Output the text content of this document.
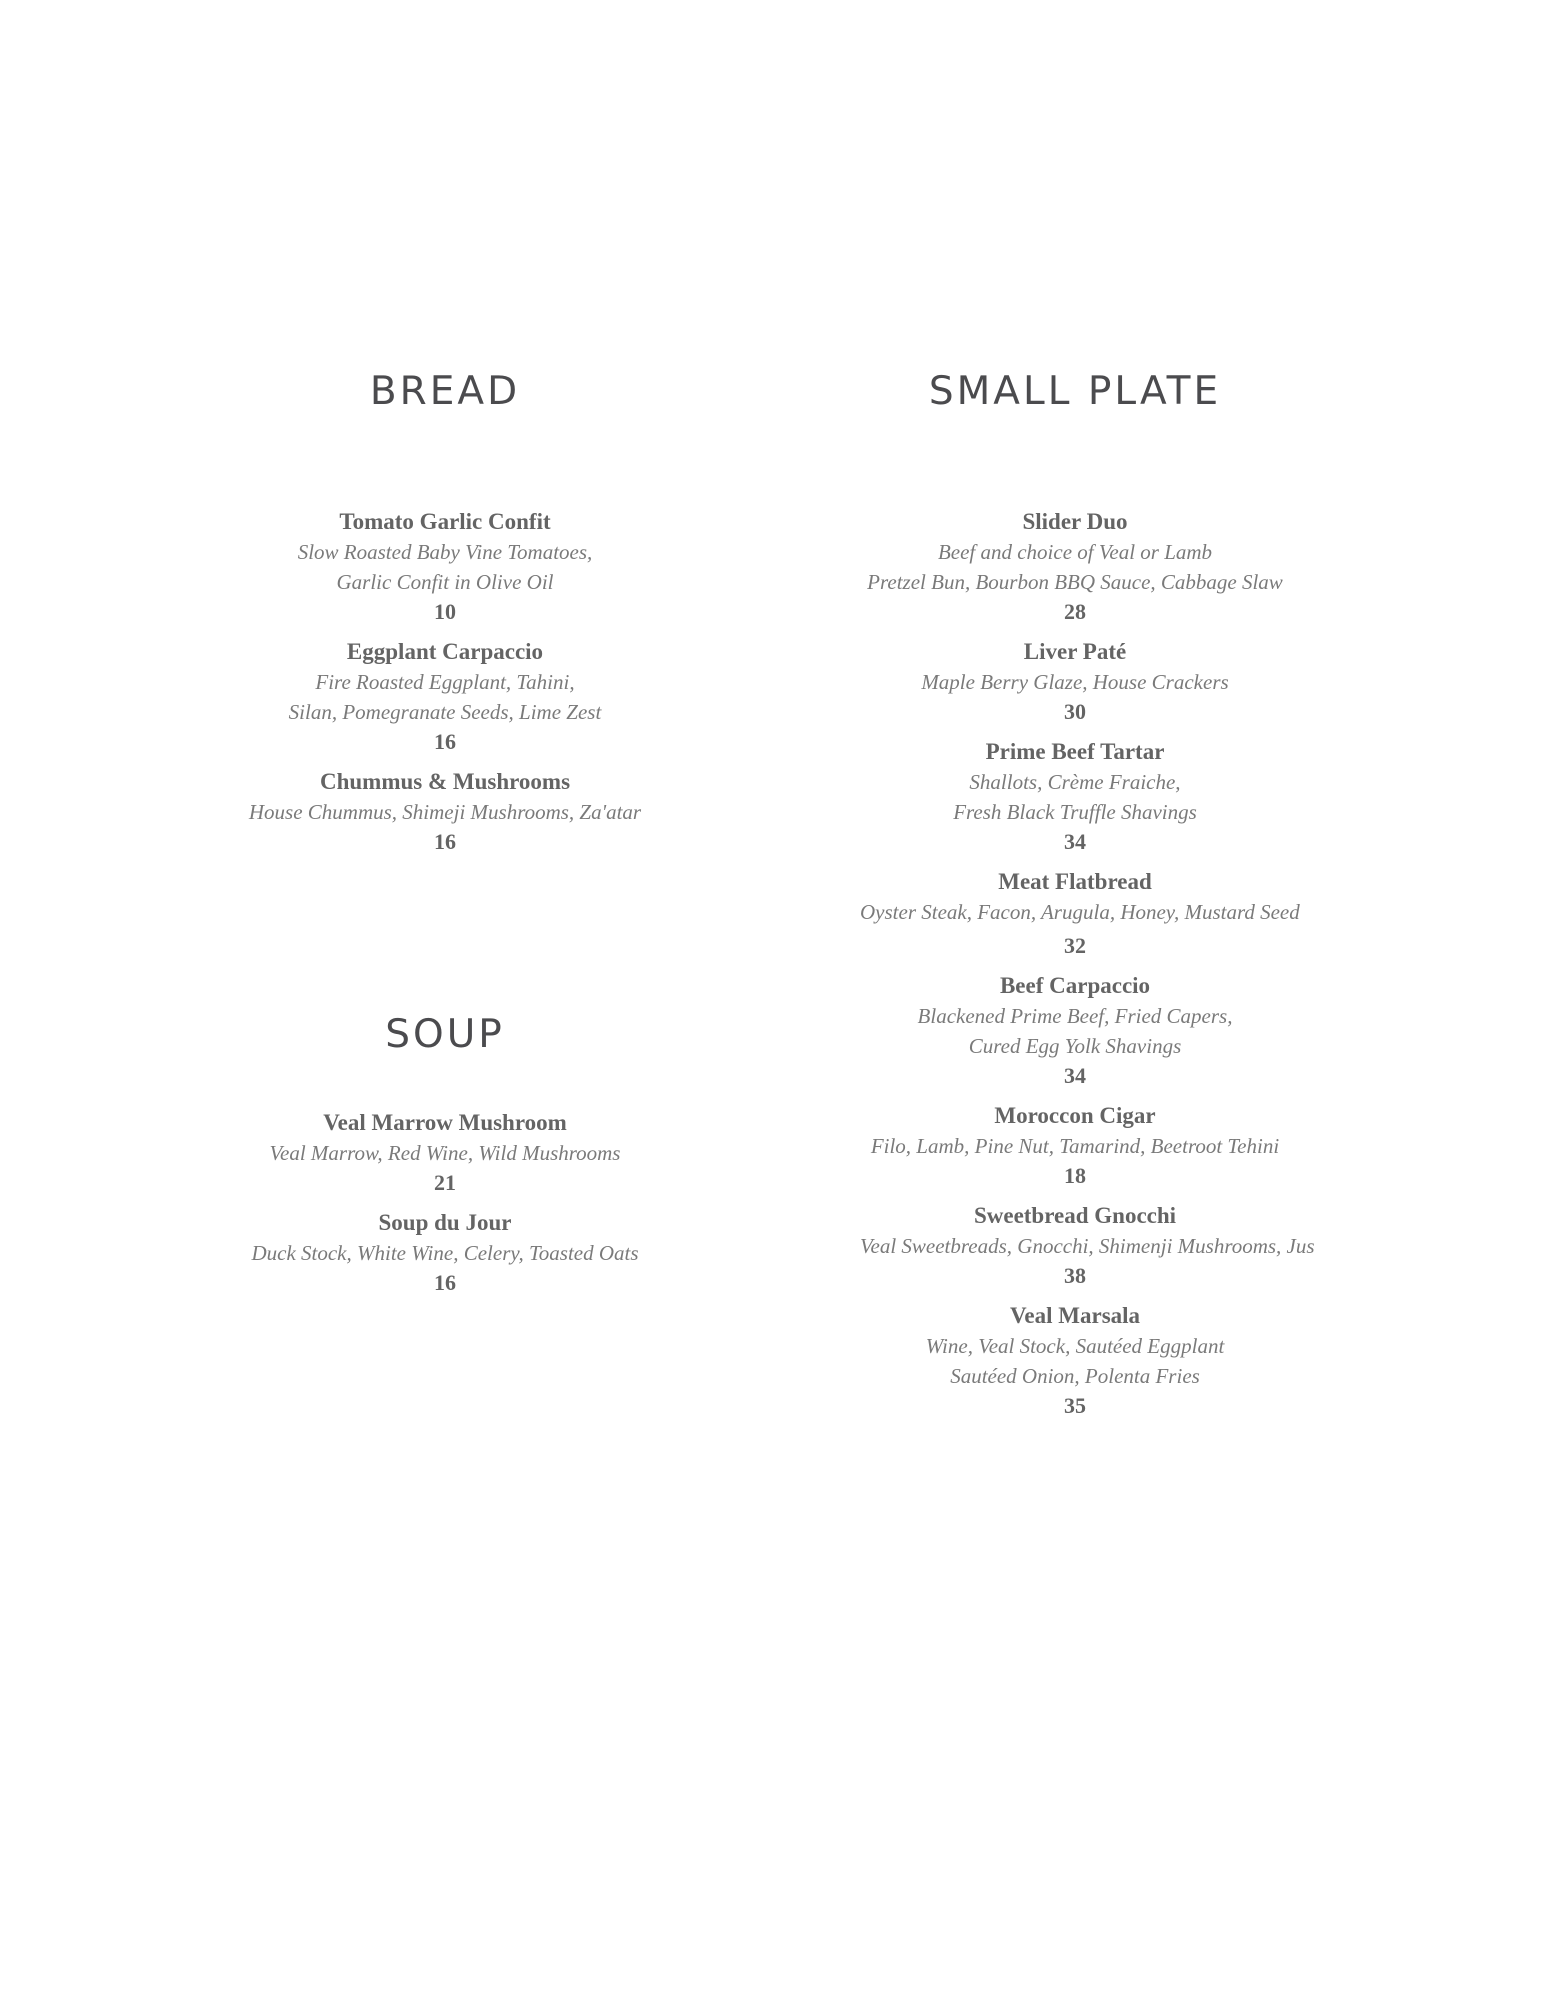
BREAD
Tomato Garlic Confit
Slow Roasted Baby Vine Tomatoes,
Garlic Confit in Olive Oil
10
Eggplant Carpaccio
Fire Roasted Eggplant, Tahini,
Silan, Pomegranate Seeds, Lime Zest
16
Chummus & Mushrooms
House Chummus, Shimeji Mushrooms, Za'atar
16
SOUP
Veal Marrow Mushroom
Veal Marrow, Red Wine, Wild Mushrooms
21
Soup du Jour
Duck Stock, White Wine, Celery, Toasted Oats
16
SMALL PLATE
Slider Duo
Beef and choice of Veal or Lamb
Pretzel Bun, Bourbon BBQ Sauce, Cabbage Slaw
28
Liver Paté
Maple Berry Glaze, House Crackers
30
Prime Beef Tartar
Shallots, Crème Fraiche,
Fresh Black Truffle Shavings
34
Meat Flatbread
Oyster Steak, Facon, Arugula, Honey, Mustard Seed
32
Beef Carpaccio
Blackened Prime Beef, Fried Capers,
Cured Egg Yolk Shavings
34
Moroccon Cigar
Filo, Lamb, Pine Nut, Tamarind, Beetroot Tehini
18
Sweetbread Gnocchi
Veal Sweetbreads, Gnocchi, Shimenji Mushrooms, Jus
38
Veal Marsala
Wine, Veal Stock, Sautéed Eggplant
Sautéed Onion, Polenta Fries
35
